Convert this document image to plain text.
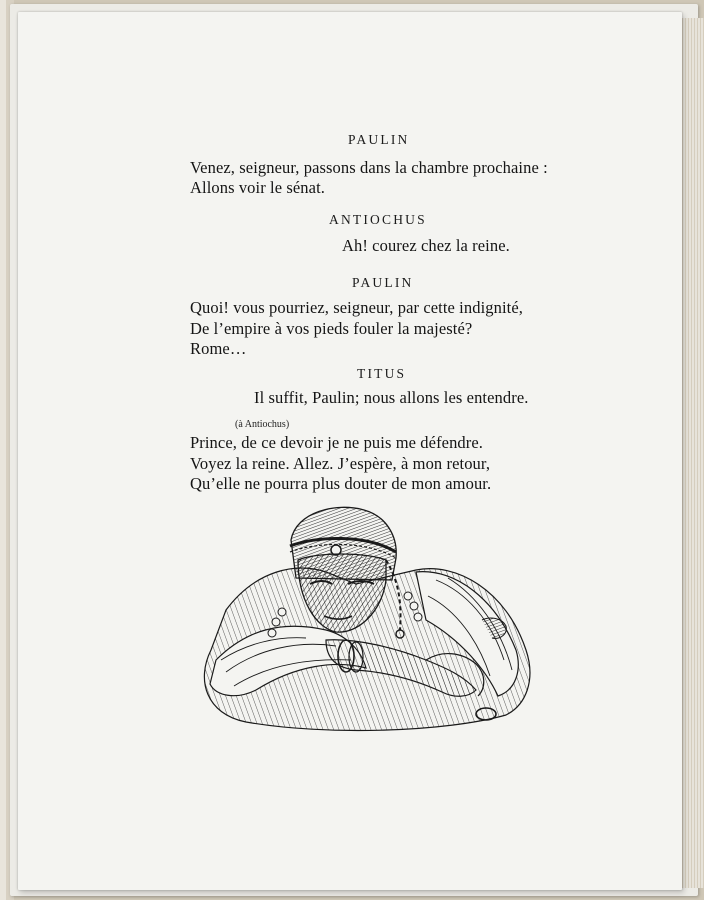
PAULIN
Venez, seigneur, passons dans la chambre prochaine :
Allons voir le sénat.
ANTIOCHUS
Ah! courez chez la reine.
PAULIN
Quoi! vous pourriez, seigneur, par cette indignité,
De l’empire à vos pieds fouler la majesté?
Rome…
TITUS
Il suffit, Paulin; nous allons les entendre.
(à Antiochus)
Prince, de ce devoir je ne puis me défendre.
Voyez la reine. Allez. J’espère, à mon retour,
Qu’elle ne pourra plus douter de mon amour.
